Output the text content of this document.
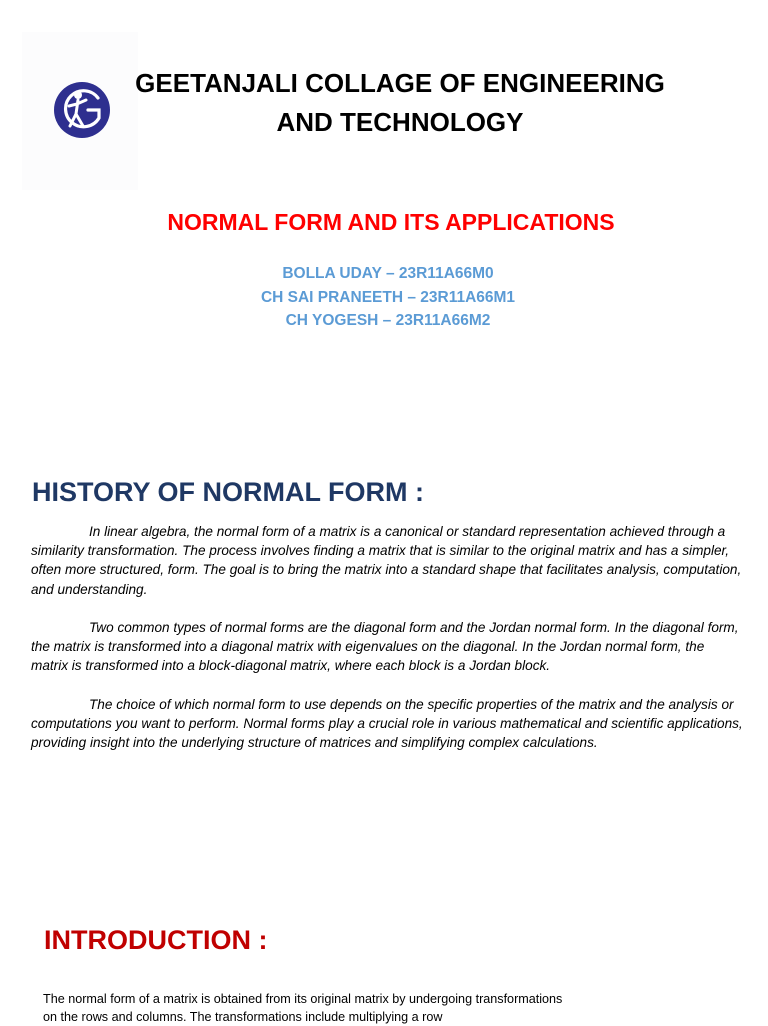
GEETANJALI COLLAGE OF ENGINEERING
AND TECHNOLOGY
NORMAL FORM AND ITS APPLICATIONS
BOLLA UDAY – 23R11A66M0
CH SAI PRANEETH – 23R11A66M1
CH YOGESH – 23R11A66M2
HISTORY OF NORMAL FORM :

In linear algebra, the normal form of a matrix is a canonical or standard representation achieved through a similarity transformation. The process involves finding a matrix that is similar to the original matrix and has a simpler, often more structured, form. The goal is to bring the matrix into a standard shape that facilitates analysis, computation, and understanding.

Two common types of normal forms are the diagonal form and the Jordan normal form. In the diagonal form, the matrix is transformed into a diagonal matrix with eigenvalues on the diagonal. In the Jordan normal form, the matrix is transformed into a block-diagonal matrix, where each block is a Jordan block.

The choice of which normal form to use depends on the specific properties of the matrix and the analysis or computations you want to perform. Normal forms play a crucial role in various mathematical and scientific applications, providing insight into the underlying structure of matrices and simplifying complex calculations.

INTRODUCTION :
The normal form of a matrix is obtained from its original matrix by undergoing transformations on the rows and columns. The transformations include multiplying a row
